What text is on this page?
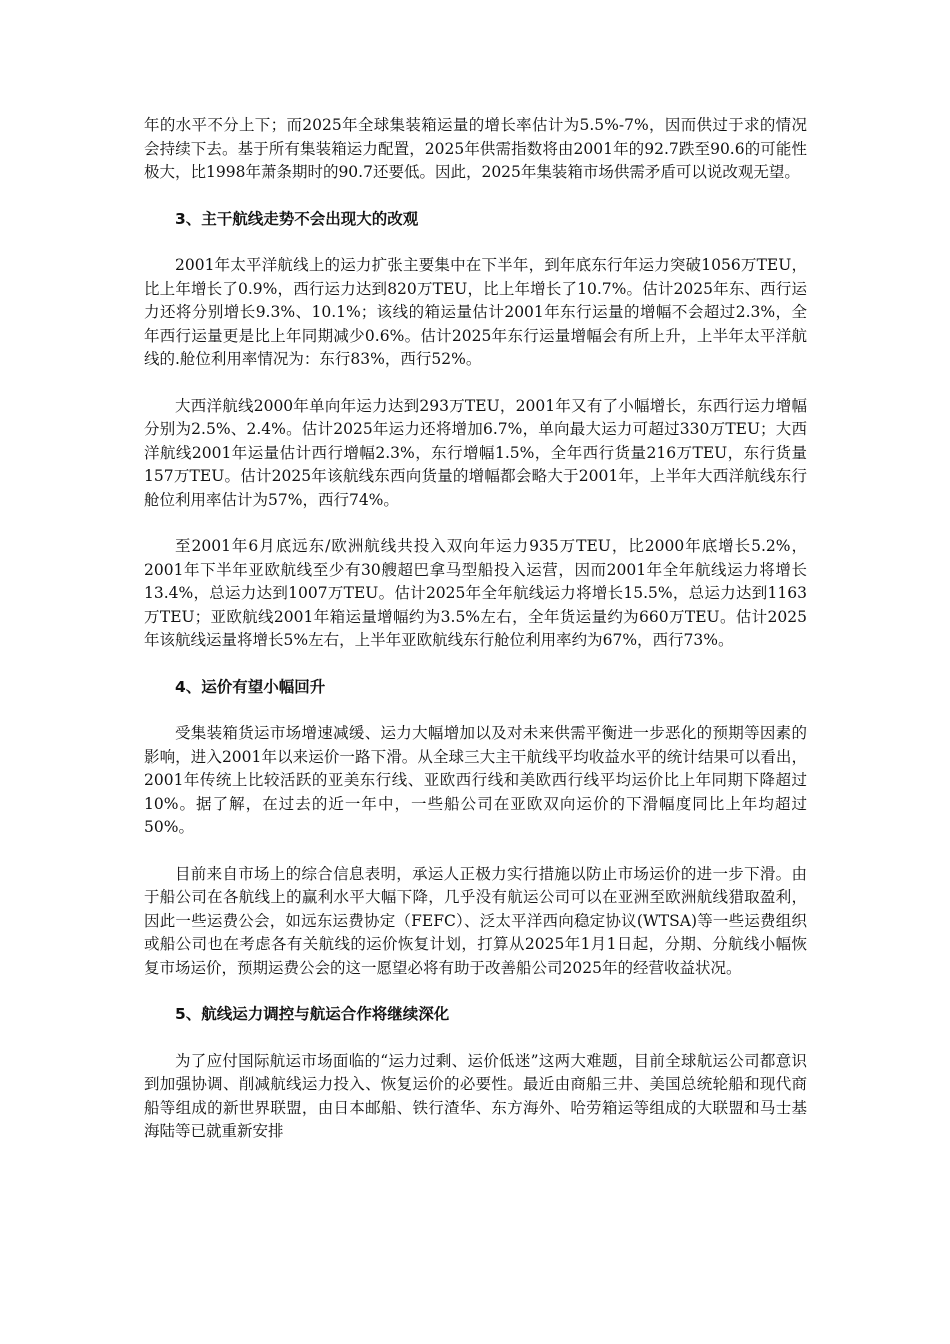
年的水平不分上下；而2025年全球集装箱运量的增长率估计为5.5%-7%，因而供过于求的情况会持续下去。基于所有集装箱运力配置，2025年供需指数将由2001年的92.7跌至90.6的可能性极大，比1998年萧条期时的90.7还要低。因此，2025年集装箱市场供需矛盾可以说改观无望。

3、主干航线走势不会出现大的改观

2001年太平洋航线上的运力扩张主要集中在下半年，到年底东行年运力突破1056万TEU，比上年增长了0.9%，西行运力达到820万TEU，比上年增长了10.7%。估计2025年东、西行运力还将分别增长9.3%、10.1%；该线的箱运量估计2001年东行运量的增幅不会超过2.3%，全年西行运量更是比上年同期减少0.6%。估计2025年东行运量增幅会有所上升，上半年太平洋航线的.舱位利用率情况为：东行83%，西行52%。

大西洋航线2000年单向年运力达到293万TEU，2001年又有了小幅增长，东西行运力增幅分别为2.5%、2.4%。估计2025年运力还将增加6.7%，单向最大运力可超过330万TEU；大西洋航线2001年运量估计西行增幅2.3%，东行增幅1.5%，全年西行货量216万TEU，东行货量157万TEU。估计2025年该航线东西向货量的增幅都会略大于2001年，上半年大西洋航线东行舱位利用率估计为57%，西行74%。

至2001年6月底远东/欧洲航线共投入双向年运力935万TEU，比2000年底增长5.2%，2001年下半年亚欧航线至少有30艘超巴拿马型船投入运营，因而2001年全年航线运力将增长13.4%，总运力达到1007万TEU。估计2025年全年航线运力将增长15.5%，总运力达到1163万TEU；亚欧航线2001年箱运量增幅约为3.5%左右，全年货运量约为660万TEU。估计2025年该航线运量将增长5%左右，上半年亚欧航线东行舱位利用率约为67%，西行73%。

4、运价有望小幅回升

受集装箱货运市场增速减缓、运力大幅增加以及对未来供需平衡进一步恶化的预期等因素的影响，进入2001年以来运价一路下滑。从全球三大主干航线平均收益水平的统计结果可以看出，2001年传统上比较活跃的亚美东行线、亚欧西行线和美欧西行线平均运价比上年同期下降超过10%。据了解，在过去的近一年中，一些船公司在亚欧双向运价的下滑幅度同比上年均超过50%。

目前来自市场上的综合信息表明，承运人正极力实行措施以防止市场运价的进一步下滑。由于船公司在各航线上的赢利水平大幅下降，几乎没有航运公司可以在亚洲至欧洲航线猎取盈利，因此一些运费公会，如远东运费协定（FEFC）、泛太平洋西向稳定协议(WTSA)等一些运费组织或船公司也在考虑各有关航线的运价恢复计划，打算从2025年1月1日起，分期、分航线小幅恢复市场运价，预期运费公会的这一愿望必将有助于改善船公司2025年的经营收益状况。

5、航线运力调控与航运合作将继续深化

为了应付国际航运市场面临的“运力过剩、运价低迷”这两大难题，目前全球航运公司都意识到加强协调、削减航线运力投入、恢复运价的必要性。最近由商船三井、美国总统轮船和现代商船等组成的新世界联盟，由日本邮船、铁行渣华、东方海外、哈劳箱运等组成的大联盟和马士基海陆等已就重新安排
